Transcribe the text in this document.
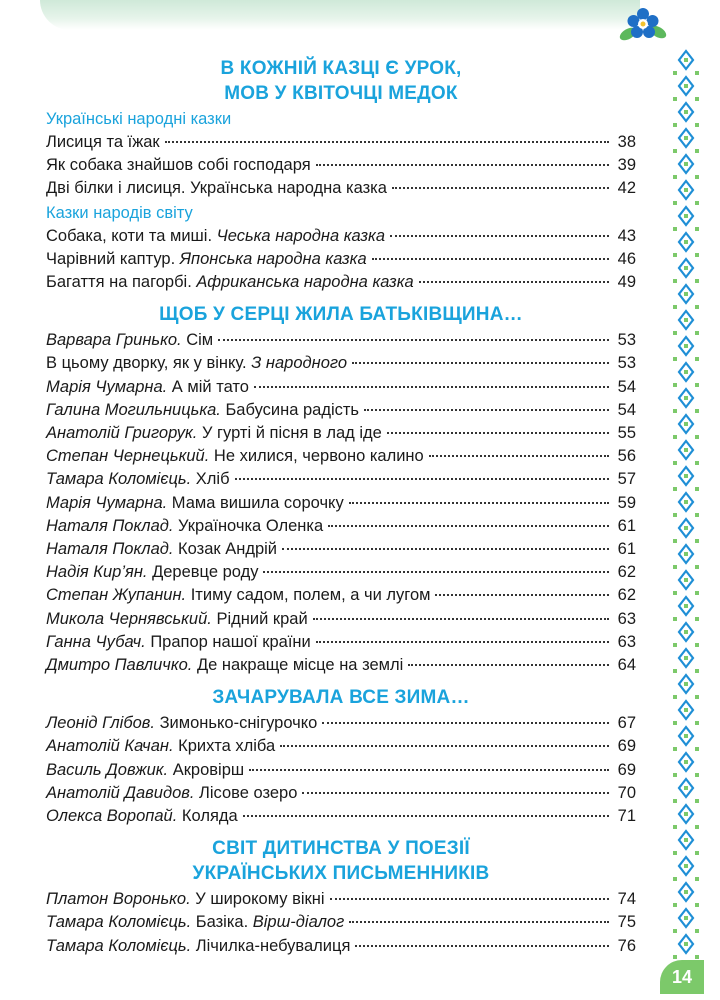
В КОЖНІЙ КАЗЦІ Є УРОК,
МОВ У КВІТОЧЦІ МЕДОК
Українські народні казки
Лисиця та їжак	38
Як собака знайшов собі господаря	39
Дві білки і лисиця. Українська народна казка	42
Казки народів світу
Собака, коти та миші. Чеська народна казка	43
Чарівний каптур. Японська народна казка	46
Багаття на пагорбі. Африканська народна казка	49
ЩОБ У СЕРЦІ ЖИЛА БАТЬКІВЩИНА…
Варвара Гринько. Сім	53
В цьому дворку, як у вінку. З народного	53
Марія Чумарна. А мій тато	54
Галина Могильницька. Бабусина радість	54
Анатолій Григорук. У гурті й пісня в лад іде	55
Степан Чернецький. Не хилися, червоно калино	56
Тамара Коломієць. Хліб	57
Марія Чумарна. Мама вишила сорочку	59
Наталя Поклад. Україночка Оленка	61
Наталя Поклад. Козак Андрій	61
Надія Кир’ян. Деревце роду	62
Степан Жупанин. Ітиму садом, полем, а чи лугом	62
Микола Чернявський. Рідний край	63
Ганна Чубач. Прапор нашої країни	63
Дмитро Павличко. Де накраще місце на землі	64
ЗАЧАРУВАЛА ВСЕ ЗИМА…
Леонід Глібов. Зимонько-снігурочко	67
Анатолій Качан. Крихта хліба	69
Василь Довжик. Акровірш	69
Анатолій Давидов. Лісове озеро	70
Олекса Воропай. Коляда	71
СВІТ ДИТИНСТВА У ПОЕЗІЇ
УКРАЇНСЬКИХ ПИСЬМЕННИКІВ
Платон Воронько. У широкому вікні	74
Тамара Коломієць. Базіка. Вірш-діалог	75
Тамара Коломієць. Лічилка-небувалиця	76
14
